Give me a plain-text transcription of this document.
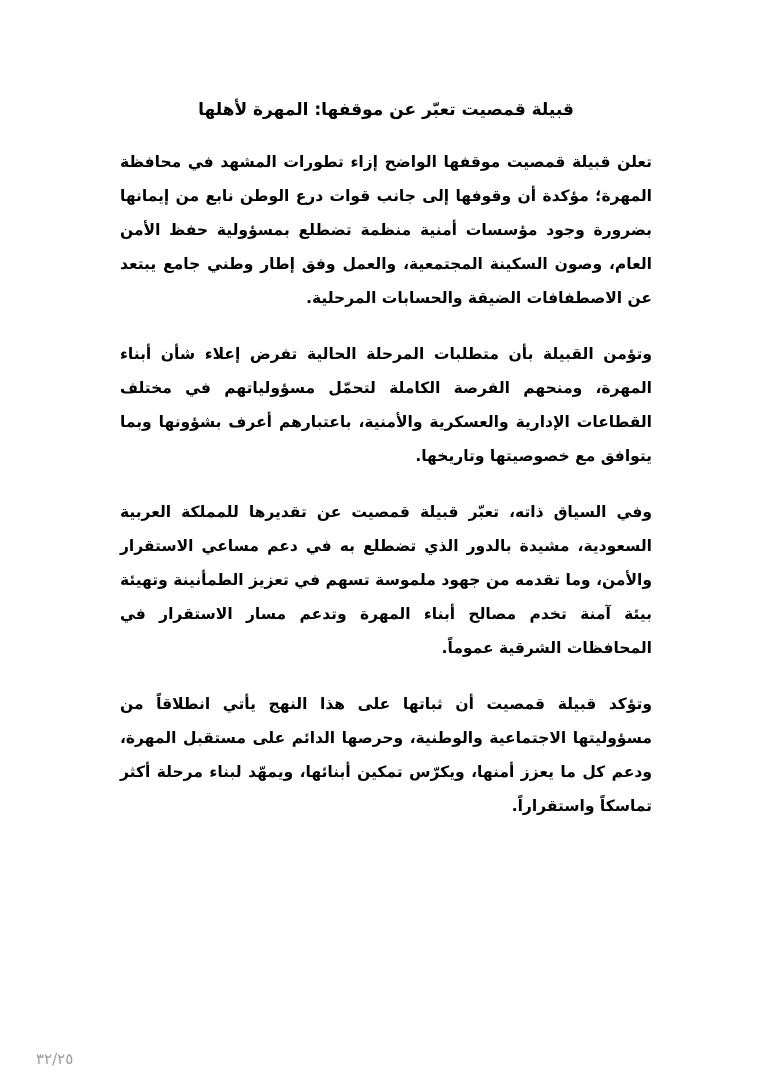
قبيلة قمصيت تعبّر عن موقفها: المهرة لأهلها

تعلن قبيلة قمصيت موقفها الواضح إزاء تطورات المشهد في محافظة المهرة؛ مؤكدة أن وقوفها إلى جانب قوات درع الوطن نابع من إيمانها بضرورة وجود مؤسسات أمنية منظمة تضطلع بمسؤولية حفظ الأمن العام، وصون السكينة المجتمعية، والعمل وفق إطار وطني جامع يبتعد عن الاصطفافات الضيقة والحسابات المرحلية.

وتؤمن القبيلة بأن متطلبات المرحلة الحالية تفرض إعلاء شأن أبناء المهرة، ومنحهم الفرصة الكاملة لتحمّل مسؤولياتهم في مختلف القطاعات الإدارية والعسكرية والأمنية، باعتبارهم أعرف بشؤونها وبما يتوافق مع خصوصيتها وتاريخها.

وفي السياق ذاته، تعبّر قبيلة قمصيت عن تقديرها للمملكة العربية السعودية، مشيدة بالدور الذي تضطلع به في دعم مساعي الاستقرار والأمن، وما تقدمه من جهود ملموسة تسهم في تعزيز الطمأنينة وتهيئة بيئة آمنة تخدم مصالح أبناء المهرة وتدعم مسار الاستقرار في المحافظات الشرقية عموماً.

وتؤكد قبيلة قمصيت أن ثباتها على هذا النهج يأتي انطلاقاً من مسؤوليتها الاجتماعية والوطنية، وحرصها الدائم على مستقبل المهرة، ودعم كل ما يعزز أمنها، ويكرّس تمكين أبنائها، ويمهّد لبناء مرحلة أكثر تماسكاً واستقراراً.

٣٢/٢٥
